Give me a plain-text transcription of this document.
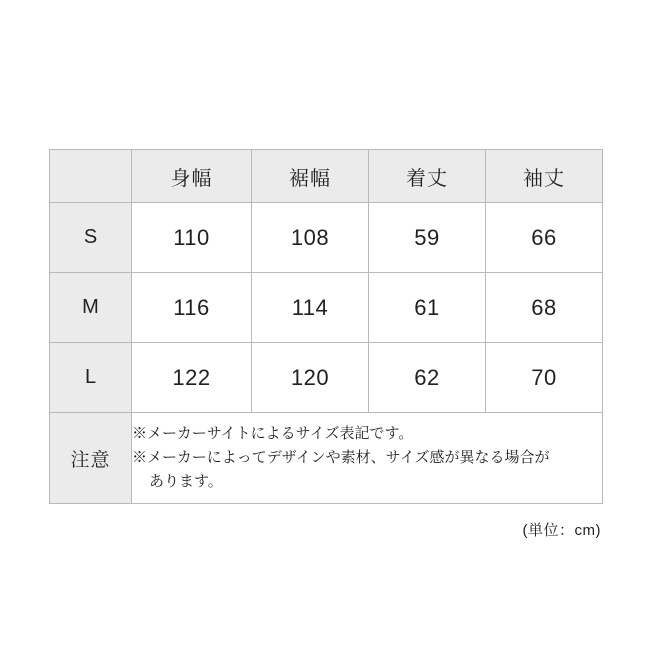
	身幅	裾幅	着丈	袖丈
S	110	108	59	66
M	116	114	61	68
L	122	120	62	70
注意	※メーカーサイトによるサイズ表記です。
※メーカーによってデザインや素材、サイズ感が異なる場合が
あります。			
(単位：cm)
